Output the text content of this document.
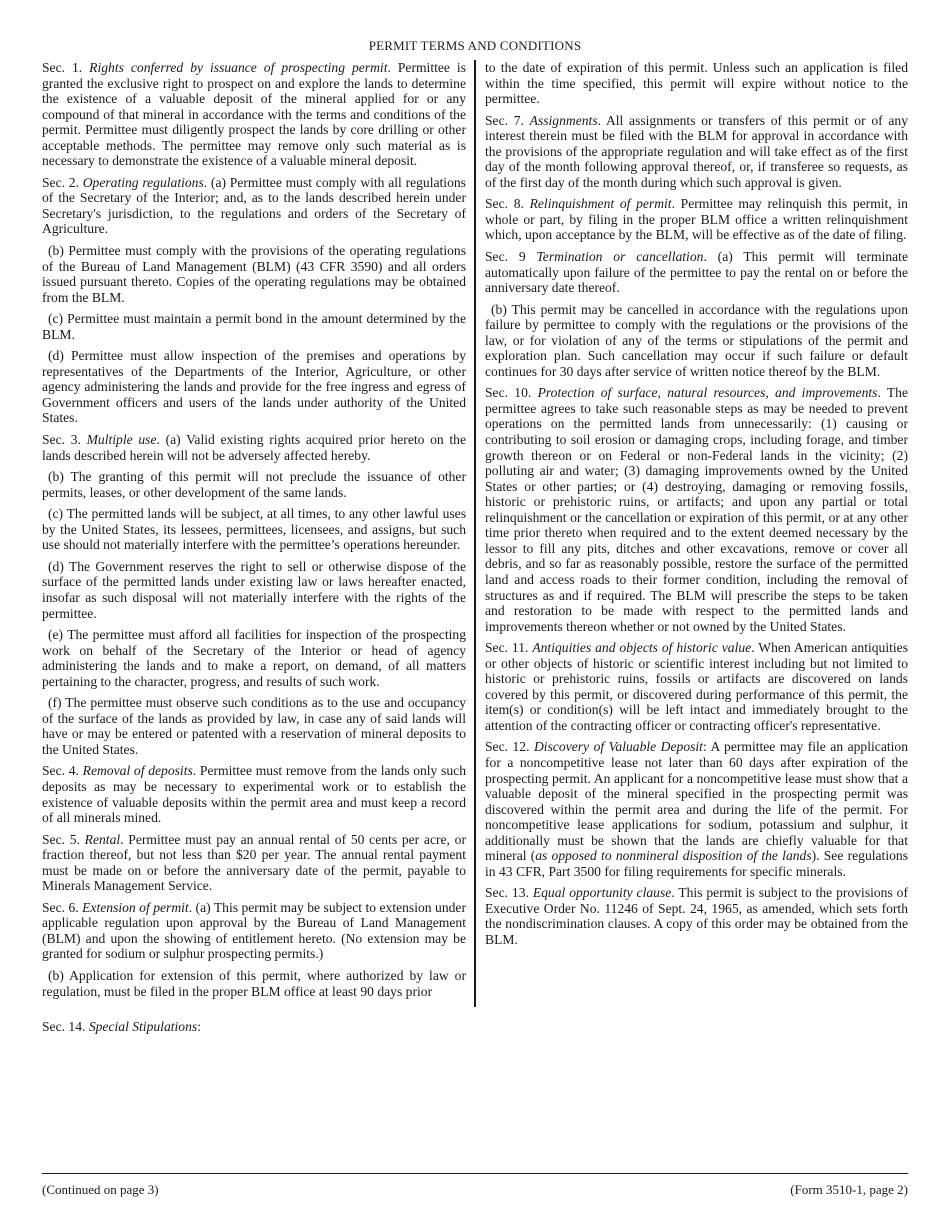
PERMIT TERMS AND CONDITIONS

Sec. 1. Rights conferred by issuance of prospecting permit. Permittee is granted the exclusive right to prospect on and explore the lands to determine the existence of a valuable deposit of the mineral applied for or any compound of that mineral in accordance with the terms and conditions of the permit. Permittee must diligently prospect the lands by core drilling or other acceptable methods. The permittee may remove only such material as is necessary to demonstrate the existence of a valuable mineral deposit.

Sec. 2. Operating regulations. (a) Permittee must comply with all regulations of the Secretary of the Interior; and, as to the lands described herein under Secretary's jurisdiction, to the regulations and orders of the Secretary of Agriculture.

(b) Permittee must comply with the provisions of the operating regulations of the Bureau of Land Management (BLM) (43 CFR 3590) and all orders issued pursuant thereto. Copies of the operating regulations may be obtained from the BLM.

(c) Permittee must maintain a permit bond in the amount determined by the BLM.

(d) Permittee must allow inspection of the premises and operations by representatives of the Departments of the Interior, Agriculture, or other agency administering the lands and provide for the free ingress and egress of Government officers and users of the lands under authority of the United States.

Sec. 3. Multiple use. (a) Valid existing rights acquired prior hereto on the lands described herein will not be adversely affected hereby.

(b) The granting of this permit will not preclude the issuance of other permits, leases, or other development of the same lands.

(c) The permitted lands will be subject, at all times, to any other lawful uses by the United States, its lessees, permittees, licensees, and assigns, but such use should not materially interfere with the permittee’s operations hereunder.

(d) The Government reserves the right to sell or otherwise dispose of the surface of the permitted lands under existing law or laws hereafter enacted, insofar as such disposal will not materially interfere with the rights of the permittee.

(e) The permittee must afford all facilities for inspection of the prospecting work on behalf of the Secretary of the Interior or head of agency administering the lands and to make a report, on demand, of all matters pertaining to the character, progress, and results of such work.

(f) The permittee must observe such conditions as to the use and occupancy of the surface of the lands as provided by law, in case any of said lands will have or may be entered or patented with a reservation of mineral deposits to the United States.

Sec. 4. Removal of deposits. Permittee must remove from the lands only such deposits as may be necessary to experimental work or to establish the existence of valuable deposits within the permit area and must keep a record of all minerals mined.

Sec. 5. Rental. Permittee must pay an annual rental of 50 cents per acre, or fraction thereof, but not less than $20 per year. The annual rental payment must be made on or before the anniversary date of the permit, payable to Minerals Management Service.

Sec. 6. Extension of permit. (a) This permit may be subject to extension under applicable regulation upon approval by the Bureau of Land Management (BLM) and upon the showing of entitlement hereto. (No extension may be granted for sodium or sulphur prospecting permits.)

(b) Application for extension of this permit, where authorized by law or regulation, must be filed in the proper BLM office at least 90 days prior

to the date of expiration of this permit. Unless such an application is filed within the time specified, this permit will expire without notice to the permittee.

Sec. 7. Assignments. All assignments or transfers of this permit or of any interest therein must be filed with the BLM for approval in accordance with the provisions of the appropriate regulation and will take effect as of the first day of the month following approval thereof, or, if transferee so requests, as of the first day of the month during which such approval is given.

Sec. 8. Relinquishment of permit. Permittee may relinquish this permit, in whole or part, by filing in the proper BLM office a written relinquishment which, upon acceptance by the BLM, will be effective as of the date of filing.

Sec. 9 Termination or cancellation. (a) This permit will terminate automatically upon failure of the permittee to pay the rental on or before the anniversary date thereof.

(b) This permit may be cancelled in accordance with the regulations upon failure by permittee to comply with the regulations or the provisions of the law, or for violation of any of the terms or stipulations of the permit and exploration plan. Such cancellation may occur if such failure or default continues for 30 days after service of written notice thereof by the BLM.

Sec. 10. Protection of surface, natural resources, and improvements. The permittee agrees to take such reasonable steps as may be needed to prevent operations on the permitted lands from unnecessarily: (1) causing or contributing to soil erosion or damaging crops, including forage, and timber growth thereon or on Federal or non-Federal lands in the vicinity; (2) polluting air and water; (3) damaging improvements owned by the United States or other parties; or (4) destroying, damaging or removing fossils, historic or prehistoric ruins, or artifacts; and upon any partial or total relinquishment or the cancellation or expiration of this permit, or at any other time prior thereto when required and to the extent deemed necessary by the lessor to fill any pits, ditches and other excavations, remove or cover all debris, and so far as reasonably possible, restore the surface of the permitted land and access roads to their former condition, including the removal of structures as and if required. The BLM will prescribe the steps to be taken and restoration to be made with respect to the permitted lands and improvements thereon whether or not owned by the United States.

Sec. 11. Antiquities and objects of historic value. When American antiquities or other objects of historic or scientific interest including but not limited to historic or prehistoric ruins, fossils or artifacts are discovered on lands covered by this permit, or discovered during performance of this permit, the item(s) or condition(s) will be left intact and immediately brought to the attention of the contracting officer or contracting officer's representative.

Sec. 12. Discovery of Valuable Deposit: A permittee may file an application for a noncompetitive lease not later than 60 days after expiration of the prospecting permit. An applicant for a noncompetitive lease must show that a valuable deposit of the mineral specified in the prospecting permit was discovered within the permit area and during the life of the permit. For noncompetitive lease applications for sodium, potassium and sulphur, it additionally must be shown that the lands are chiefly valuable for that mineral (as opposed to nonmineral disposition of the lands). See regulations in 43 CFR, Part 3500 for filing requirements for specific minerals.

Sec. 13. Equal opportunity clause. This permit is subject to the provisions of Executive Order No. 11246 of Sept. 24, 1965, as amended, which sets forth the nondiscrimination clauses. A copy of this order may be obtained from the BLM.

Sec. 14. Special Stipulations:
(Continued on page 3)	(Form 3510-1, page 2)
